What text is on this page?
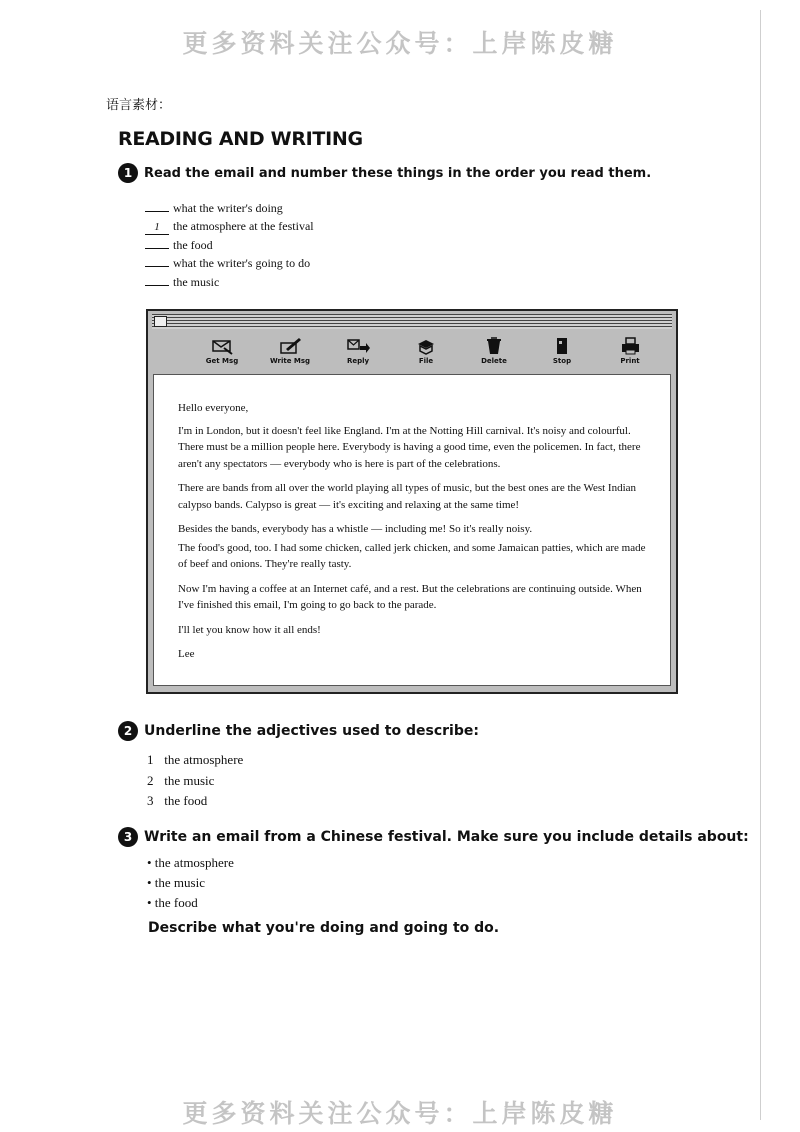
更多资料关注公众号：上岸陈皮糖
语言素材：
READING AND WRITING
1 Read the email and number these things in the order you read them.
what the writer's doing
1	the atmosphere at the festival
the food
what the writer's going to do
the music
Get Msg	Write Msg	Reply	File	Delete	Stop	Print

Hello everyone,

I'm in London, but it doesn't feel like England. I'm at the Notting Hill carnival. It's noisy and colourful. There must be a million people here. Everybody is having a good time, even the policemen. In fact, there aren't any spectators — everybody who is here is part of the celebrations.

There are bands from all over the world playing all types of music, but the best ones are the West Indian calypso bands. Calypso is great — it's exciting and relaxing at the same time!

Besides the bands, everybody has a whistle — including me! So it's really noisy.

The food's good, too. I had some chicken, called jerk chicken, and some Jamaican patties, which are made of beef and onions. They're really tasty.

Now I'm having a coffee at an Internet café, and a rest. But the celebrations are continuing outside. When I've finished this email, I'm going to go back to the parade.

I'll let you know how it all ends!

Lee

2 Underline the adjectives used to describe:
1 the atmosphere
2 the music
3 the food
3 Write an email from a Chinese festival. Make sure you include details about:
• the atmosphere
• the music
• the food
Describe what you're doing and going to do.
更多资料关注公众号：上岸陈皮糖
